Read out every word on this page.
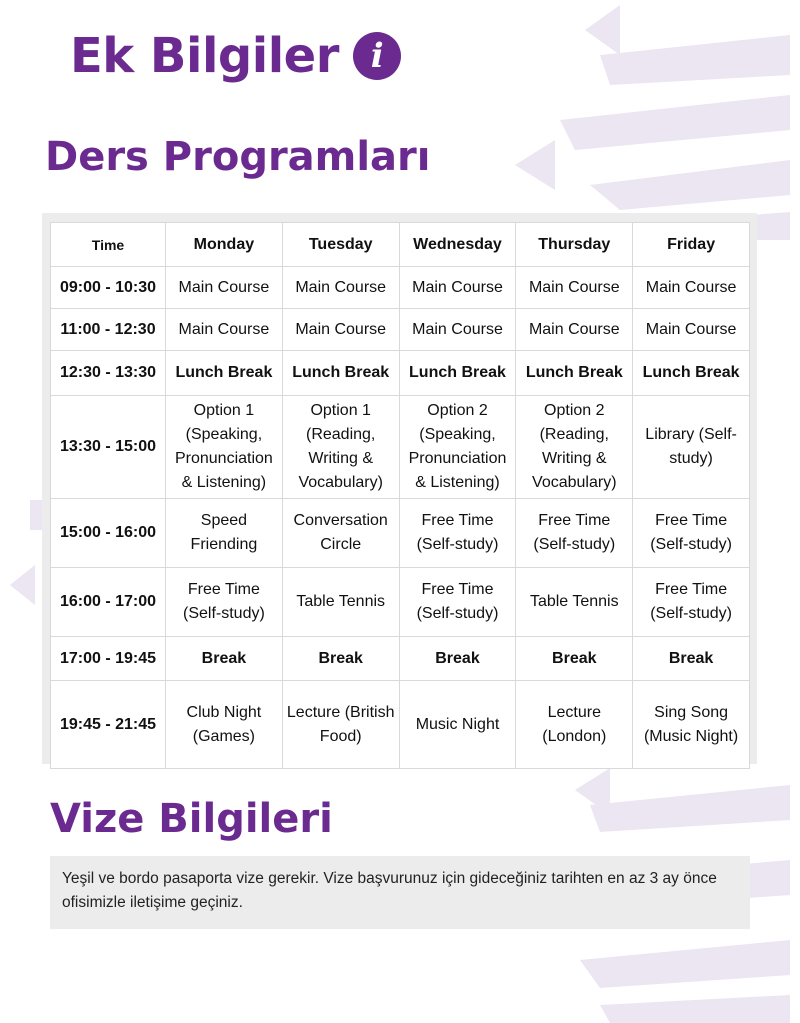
Ek Bilgiler i
Ders Programları
Time	Monday	Tuesday	Wednesday	Thursday	Friday
09:00 - 10:30	Main Course	Main Course	Main Course	Main Course	Main Course
11:00 - 12:30	Main Course	Main Course	Main Course	Main Course	Main Course
12:30 - 13:30	Lunch Break	Lunch Break	Lunch Break	Lunch Break	Lunch Break
13:30 - 15:00	Option 1 (Speaking, Pronunciation & Listening)	Option 1 (Reading, Writing & Vocabulary)	Option 2 (Speaking, Pronunciation & Listening)	Option 2 (Reading, Writing & Vocabulary)	Library (Self-study)
15:00 - 16:00	Speed Friending	Conversation Circle	Free Time (Self-study)	Free Time (Self-study)	Free Time (Self-study)
16:00 - 17:00	Free Time (Self-study)	Table Tennis	Free Time (Self-study)	Table Tennis	Free Time (Self-study)
17:00 - 19:45	Break	Break	Break	Break	Break
19:45 - 21:45	Club Night (Games)	Lecture (British Food)	Music Night	Lecture (London)	Sing Song (Music Night)
Vize Bilgileri
Yeşil ve bordo pasaporta vize gerekir. Vize başvurunuz için gideceğiniz tarihten en az 3 ay önce ofisimizle iletişime geçiniz.
